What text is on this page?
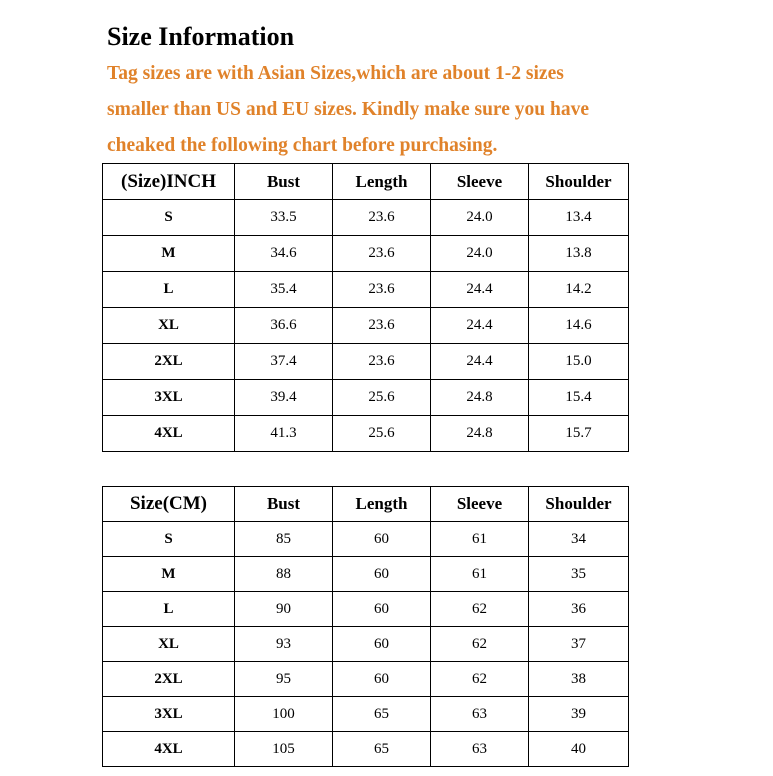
Size Information
Tag sizes are with Asian Sizes,which are about 1-2 sizes
smaller than US and EU sizes. Kindly make sure you have
cheaked the following chart before purchasing.
(Size)INCH	Bust	Length	Sleeve	Shoulder
S	33.5	23.6	24.0	13.4
M	34.6	23.6	24.0	13.8
L	35.4	23.6	24.4	14.2
XL	36.6	23.6	24.4	14.6
2XL	37.4	23.6	24.4	15.0
3XL	39.4	25.6	24.8	15.4
4XL	41.3	25.6	24.8	15.7
Size(CM)	Bust	Length	Sleeve	Shoulder
S	85	60	61	34
M	88	60	61	35
L	90	60	62	36
XL	93	60	62	37
2XL	95	60	62	38
3XL	100	65	63	39
4XL	105	65	63	40
